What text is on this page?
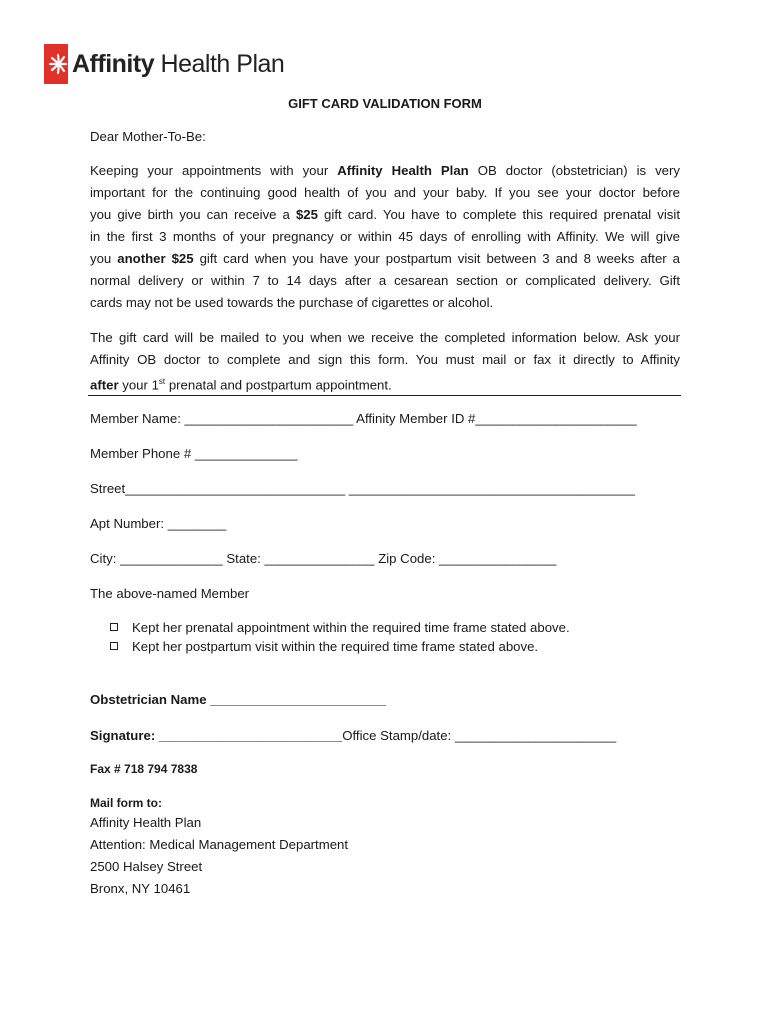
Affinity Health Plan
GIFT CARD VALIDATION FORM
Dear Mother-To-Be:
Keeping your appointments with your Affinity Health Plan OB doctor (obstetrician) is very
important for the continuing good health of you and your baby. If you see your doctor before
you give birth you can receive a $25 gift card. You have to complete this required prenatal visit
in the first 3 months of your pregnancy or within 45 days of enrolling with Affinity. We will give
you another $25 gift card when you have your postpartum visit between 3 and 8 weeks after a
normal delivery or within 7 to 14 days after a cesarean section or complicated delivery. Gift
cards may not be used towards the purchase of cigarettes or alcohol.
The gift card will be mailed to you when we receive the completed information below. Ask your
Affinity OB doctor to complete and sign this form. You must mail or fax it directly to Affinity
after your 1st prenatal and postpartum appointment.
Member Name: _______________________ Affinity Member ID #______________________
Member Phone # ______________
Street______________________________ _______________________________________
Apt Number: ________
City: ______________ State: _______________ Zip Code: ________________
The above-named Member
Kept her prenatal appointment within the required time frame stated above.
Kept her postpartum visit within the required time frame stated above.
Obstetrician Name ________________________
Signature: _________________________Office Stamp/date: ______________________
Fax # 718 794 7838
Mail form to:
Affinity Health Plan
Attention: Medical Management Department
2500 Halsey Street
Bronx, NY 10461
